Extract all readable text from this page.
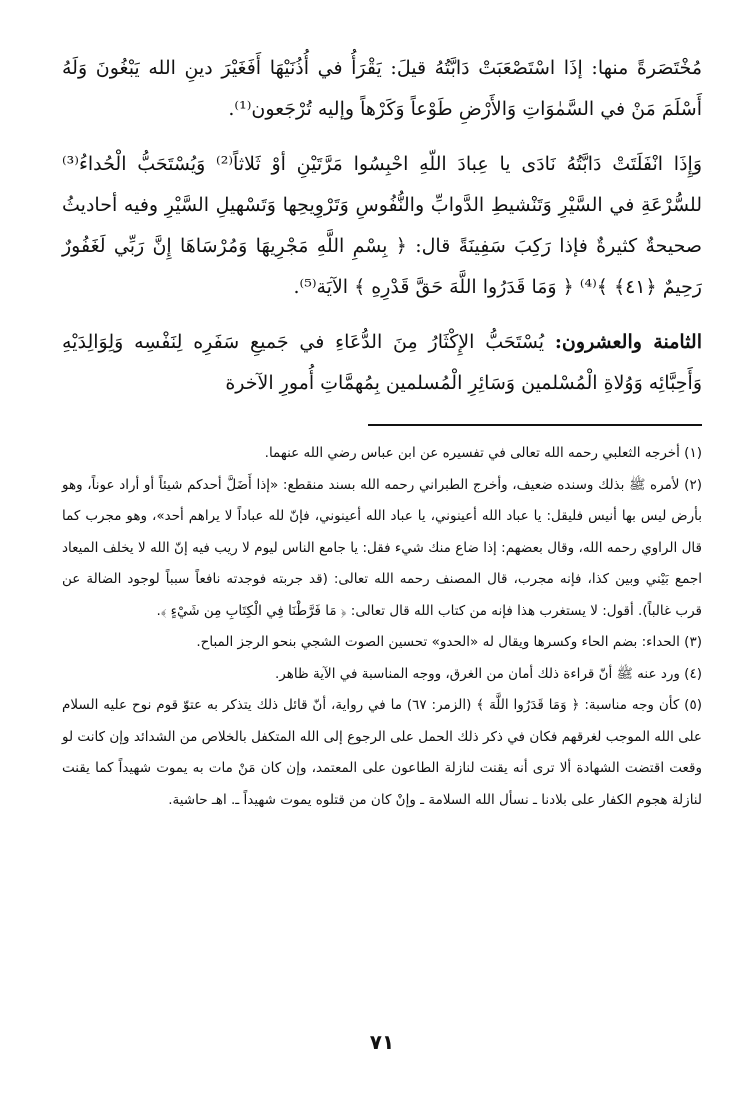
مُخْتَصَرةً منها: إذَا اسْتَصْعَبَتْ دَابَّتُهُ قيلَ: يَقْرَأُ في أُذُنَيْهَا أَفَغَيْرَ دينِ الله يَبْغُونَ وَلَهُ أَسْلَمَ مَنْ في السَّمٰوَاتِ وَالأَرْضِ طَوْعاً وَكَرْهاً وإليه تُرْجَعون⁽¹⁾.

وَإِذَا انْفَلَتَتْ دَابَّتُهُ نَادَى يا عِبادَ اللّهِ احْبِسُوا مَرَّتَيْنِ أوْ ثَلاثاً⁽²⁾ وَيُسْتَحَبُّ الْحُداءُ⁽³⁾ للسُّرْعَةِ في السَّيْرِ وَتَنْشيطِ الدَّوابِّ والنُّفُوسِ وَتَرْوِيحِها وَتَسْهيلِ السَّيْرِ وفيه أحاديثُ صحيحةٌ كثيرةٌ فإذا رَكِبَ سَفِينَةً قال: ﴿ بِسْمِ اللَّهِ مَجْرِيهَا وَمُرْسَاهَا إِنَّ رَبِّي لَغَفُورٌ رَحِيمٌ ﴿٤١﴾ ﴾⁽⁴⁾ ﴿ وَمَا قَدَرُوا اللَّهَ حَقَّ قَدْرِهِ ﴾ الآيَة⁽⁵⁾.

الثامنة والعشرون: يُسْتَحَبُّ الإِكْثَارُ مِنَ الدُّعَاءِ في جَميعِ سَفَرِه لِنَفْسِه وَلِوَالِدَيْهِ وَأَحِبَّائِه وَوُلاةِ الْمُسْلمين وَسَائِرِ الْمُسلمين بِمُهمَّاتِ أُمورِ الآخرة

(١) أخرجه الثعلبي رحمه الله تعالى في تفسيره عن ابن عباس رضي الله عنهما.

(٢) لأمره ﷺ بذلك وسنده ضعيف، وأخرج الطبراني رحمه الله بسند منقطع: «إذا أَضَلَّ أحدكم شيئاً أو أراد عوناً، وهو بأرض ليس بها أنيس فليقل: يا عباد الله أعينوني، يا عباد الله أعينوني، فإنّ لله عباداً لا يراهم أحد»، وهو مجرب كما قال الراوي رحمه الله، وقال بعضهم: إذا ضاع منك شيء فقل: يا جامع الناس ليوم لا ريب فيه إنّ الله لا يخلف الميعاد اجمع بَيْني وبين كذا، فإنه مجرب، قال المصنف رحمه الله تعالى: (قد جربته فوجدته نافعاً سبباً لوجود الضالة عن قرب غالباً). أقول: لا يستغرب هذا فإنه من كتاب الله قال تعالى: ﴿ مَا فَرَّطْنَا فِي الْكِتَابِ مِن شَيْءٍ ﴾.

(٣) الحداء: بضم الحاء وكسرها ويقال له «الحدو» تحسين الصوت الشجي بنحو الرجز المباح.

(٤) ورد عنه ﷺ أنّ قراءة ذلك أمان من الغرق، ووجه المناسبة في الآية ظاهر.

(٥) كأن وجه مناسبة: ﴿ وَمَا قَدَرُوا اللَّهَ ﴾ (الزمر: ٦٧) ما في رواية، أنّ قائل ذلك يتذكر به عتوّ قوم نوح عليه السلام على الله الموجب لغرقهم فكان في ذكر ذلك الحمل على الرجوع إلى الله المتكفل بالخلاص من الشدائد وإن كانت لو وقعت اقتضت الشهادة ألا ترى أنه يقنت لنازلة الطاعون على المعتمد، وإن كان مَنْ مات به يموت شهيداً كما يقنت لنازلة هجوم الكفار على بلادنا ـ نسأل الله السلامة ـ وإنْ كان من قتلوه يموت شهيداً ـ. اهـ حاشية.

٧١
